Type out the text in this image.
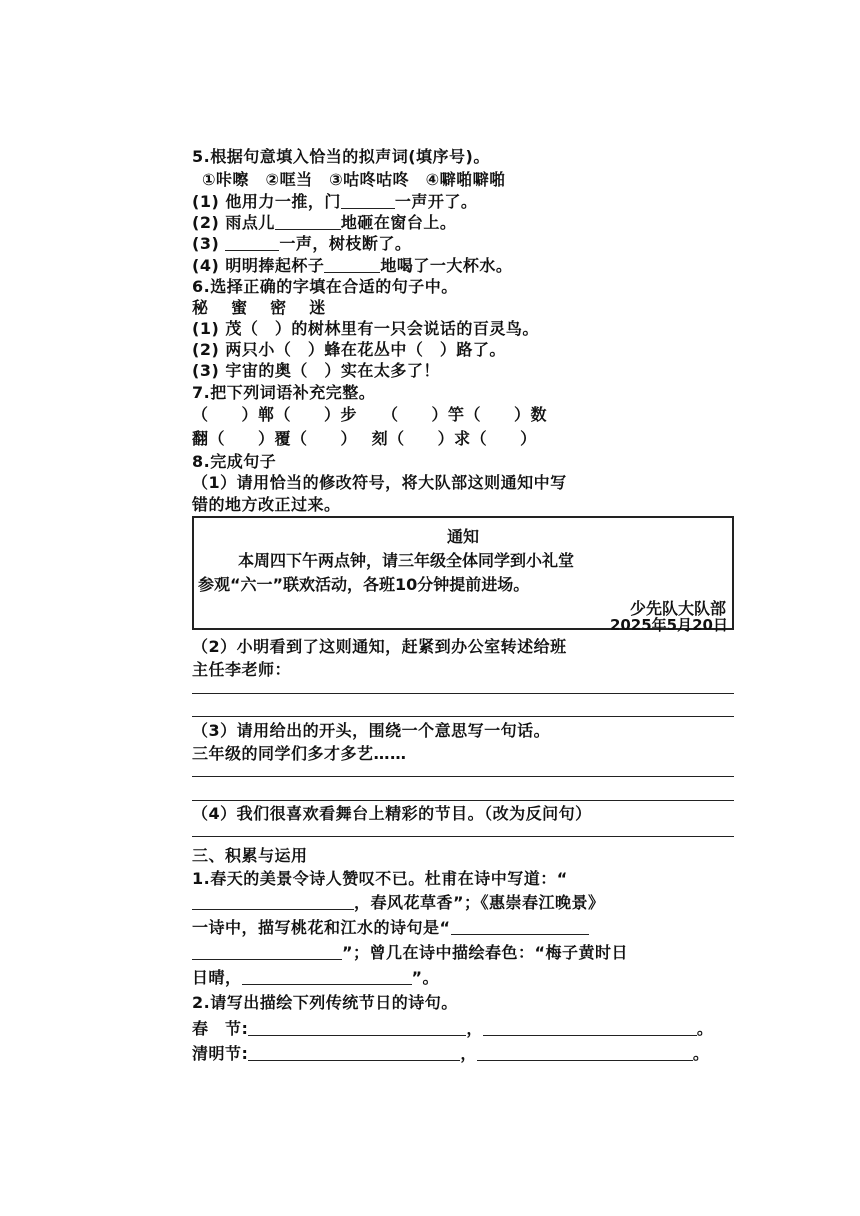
5.根据句意填入恰当的拟声词(填序号)。
①咔嚓　②哐当　③咕咚咕咚　④噼啪噼啪
(1) 他用力一推，门	一声开了。
(2) 雨点儿	地砸在窗台上。
(3)	一声，树枝断了。
(4) 明明捧起杯子	地喝了一大杯水。
6.选择正确的字填在合适的句子中。
秘　 蜜　 密　 迷
(1) 茂（　）的树林里有一只会说话的百灵鸟。
(2) 两只小（　）蜂在花丛中（　）路了。
(3) 宇宙的奥（　）实在太多了！
7.把下列词语补充完整。
（　　）郸（　　）步　　（　　）竽（　　）数
翻（　　）覆（　　）　 刻（　　）求（　　）
8.完成句子
（1）请用恰当的修改符号，将大队部这则通知中写
错的地方改正过来。
通知
本周四下午两点钟，请三年级全体同学到小礼堂
参观“六一”联欢活动，各班10分钟提前进场。
少先队大队部
2025年5月20日
（2）小明看到了这则通知，赶紧到办公室转述给班
主任李老师：
（3）请用给出的开头，围绕一个意思写一句话。
三年级的同学们多才多艺……
（4）我们很喜欢看舞台上精彩的节目。（改为反问句）
三、积累与运用
1.春天的美景令诗人赞叹不已。杜甫在诗中写道：“
，春风花草香”；《惠崇春江晚景》
一诗中，描写桃花和江水的诗句是“
”；曾几在诗中描绘春色：“梅子黄时日
日晴，	”。
2.请写出描绘下列传统节日的诗句。
春　节:	，	。
清明节:	，	。
